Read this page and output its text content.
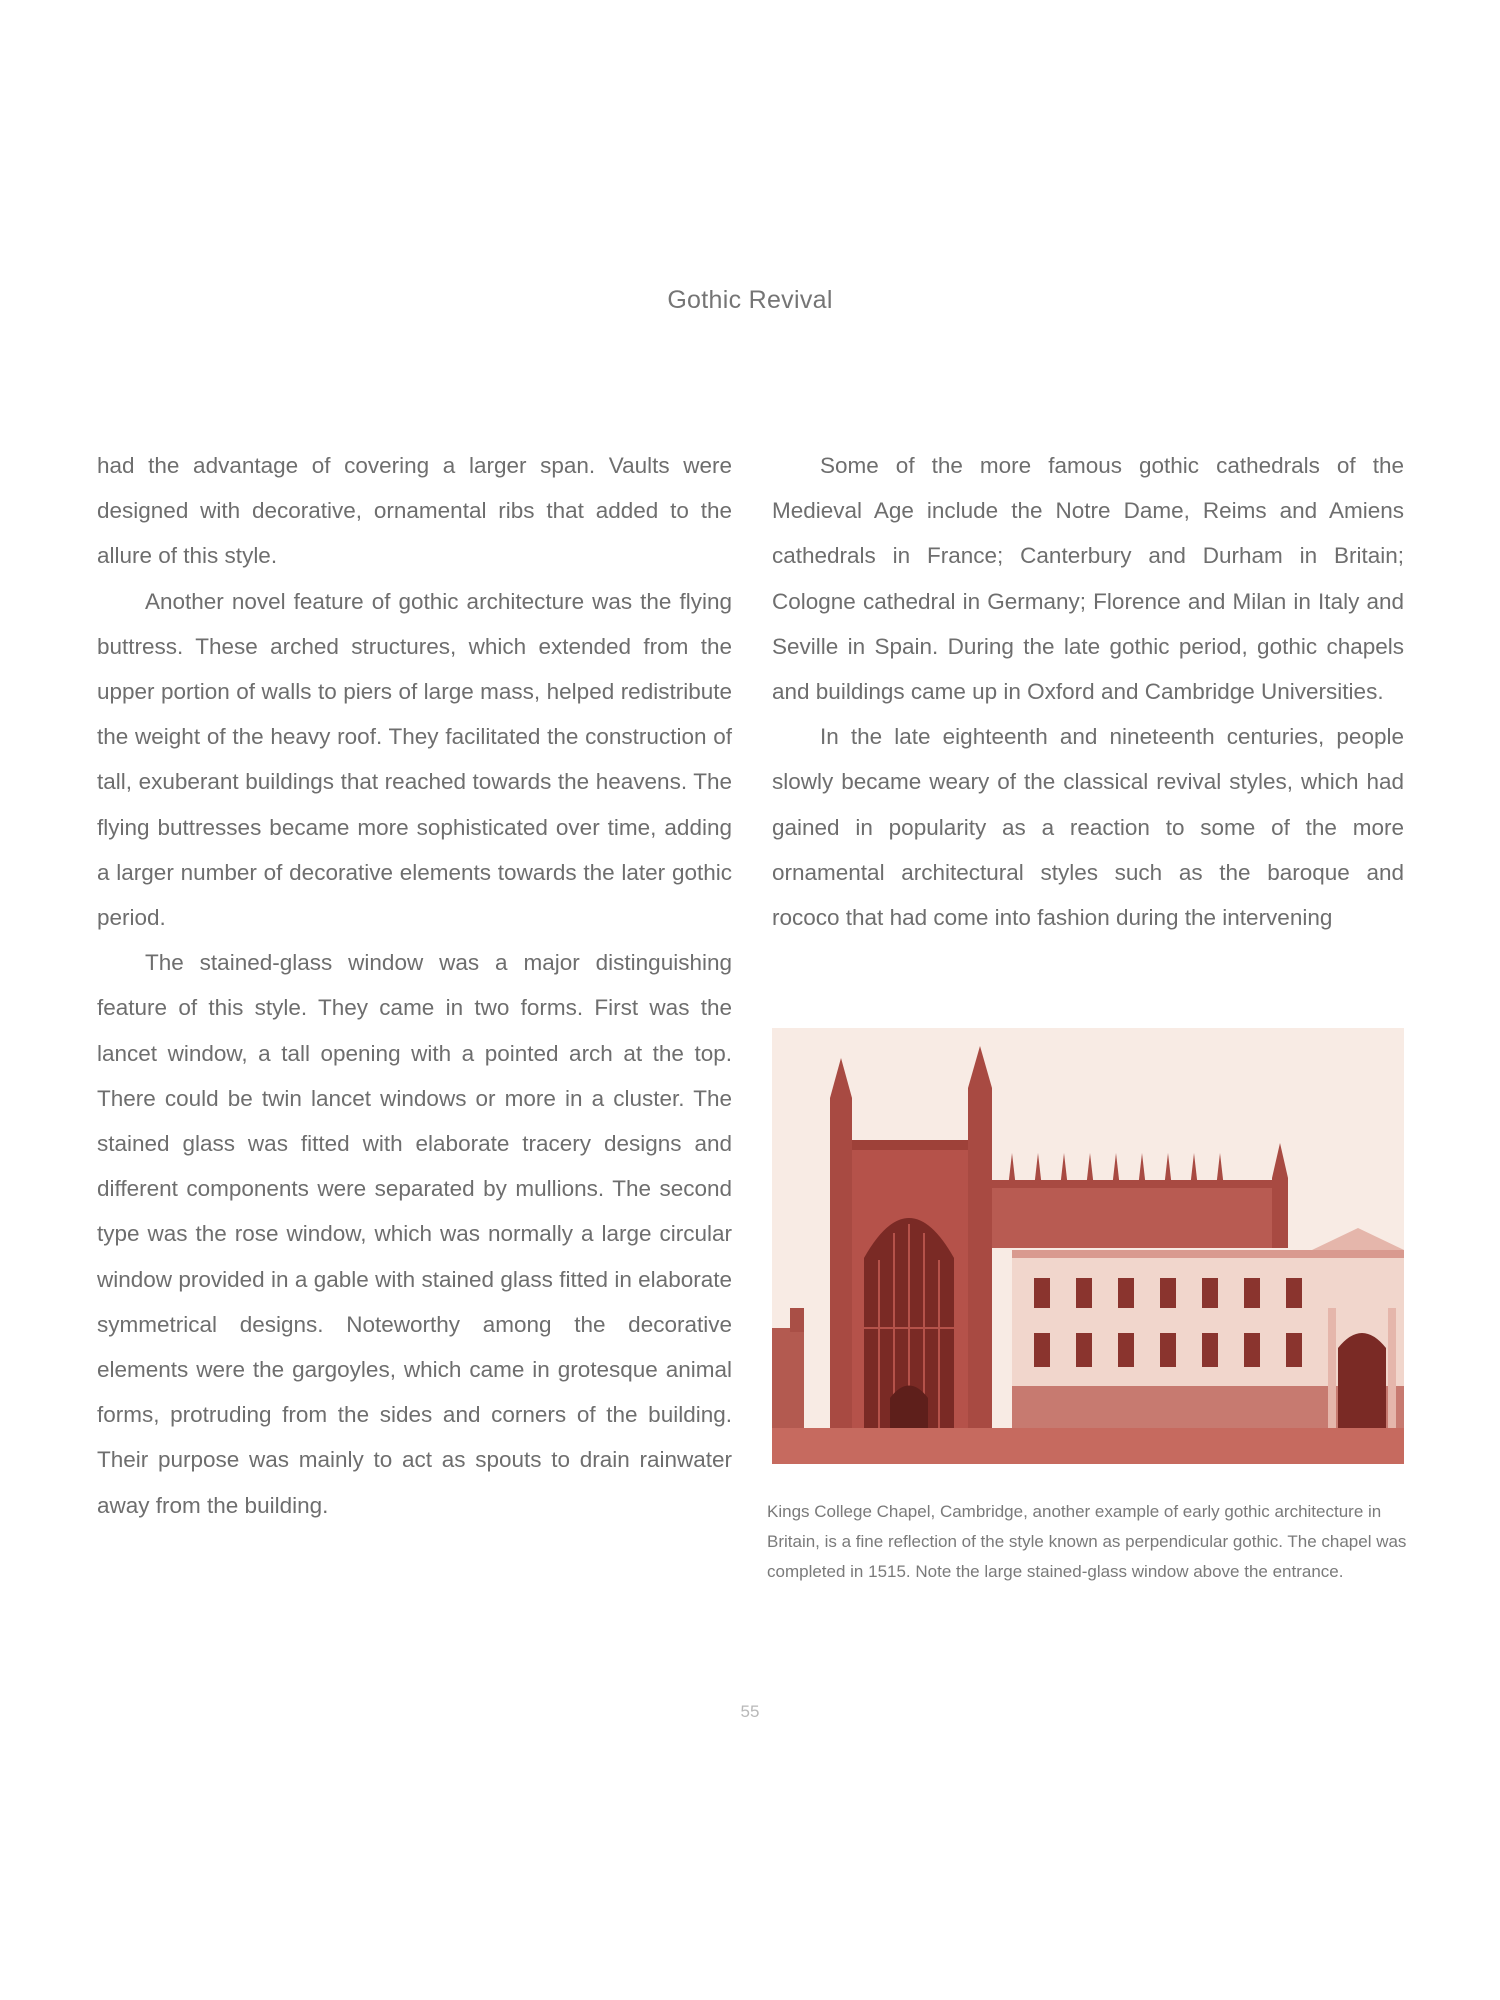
Gothic Revival

had the advantage of covering a larger span. Vaults were designed with decorative, ornamental ribs that added to the allure of this style.

Another novel feature of gothic architecture was the flying buttress. These arched structures, which extended from the upper portion of walls to piers of large mass, helped redistribute the weight of the heavy roof. They facilitated the construction of tall, exuberant buildings that reached towards the heavens. The flying buttresses became more sophisticated over time, adding a larger number of decorative elements towards the later gothic period.

The stained-glass window was a major distinguishing feature of this style. They came in two forms. First was the lancet window, a tall opening with a pointed arch at the top. There could be twin lancet windows or more in a cluster. The stained glass was fitted with elaborate tracery designs and different components were separated by mullions. The second type was the rose window, which was normally a large circular window provided in a gable with stained glass fitted in elaborate symmetrical designs. Noteworthy among the decorative elements were the gargoyles, which came in grotesque animal forms, protruding from the sides and corners of the building. Their purpose was mainly to act as spouts to drain rainwater away from the building.

Some of the more famous gothic cathedrals of the Medieval Age include the Notre Dame, Reims and Amiens cathedrals in France; Canterbury and Durham in Britain; Cologne cathedral in Germany; Florence and Milan in Italy and Seville in Spain. During the late gothic period, gothic chapels and buildings came up in Oxford and Cambridge Universities.

In the late eighteenth and nineteenth centuries, people slowly became weary of the classical revival styles, which had gained in popularity as a reaction to some of the more ornamental architectural styles such as the baroque and rococo that had come into fashion during the intervening

Kings College Chapel, Cambridge, another example of early gothic architecture in Britain, is a fine reflection of the style known as perpendicular gothic. The chapel was completed in 1515. Note the large stained-glass window above the entrance.
55
